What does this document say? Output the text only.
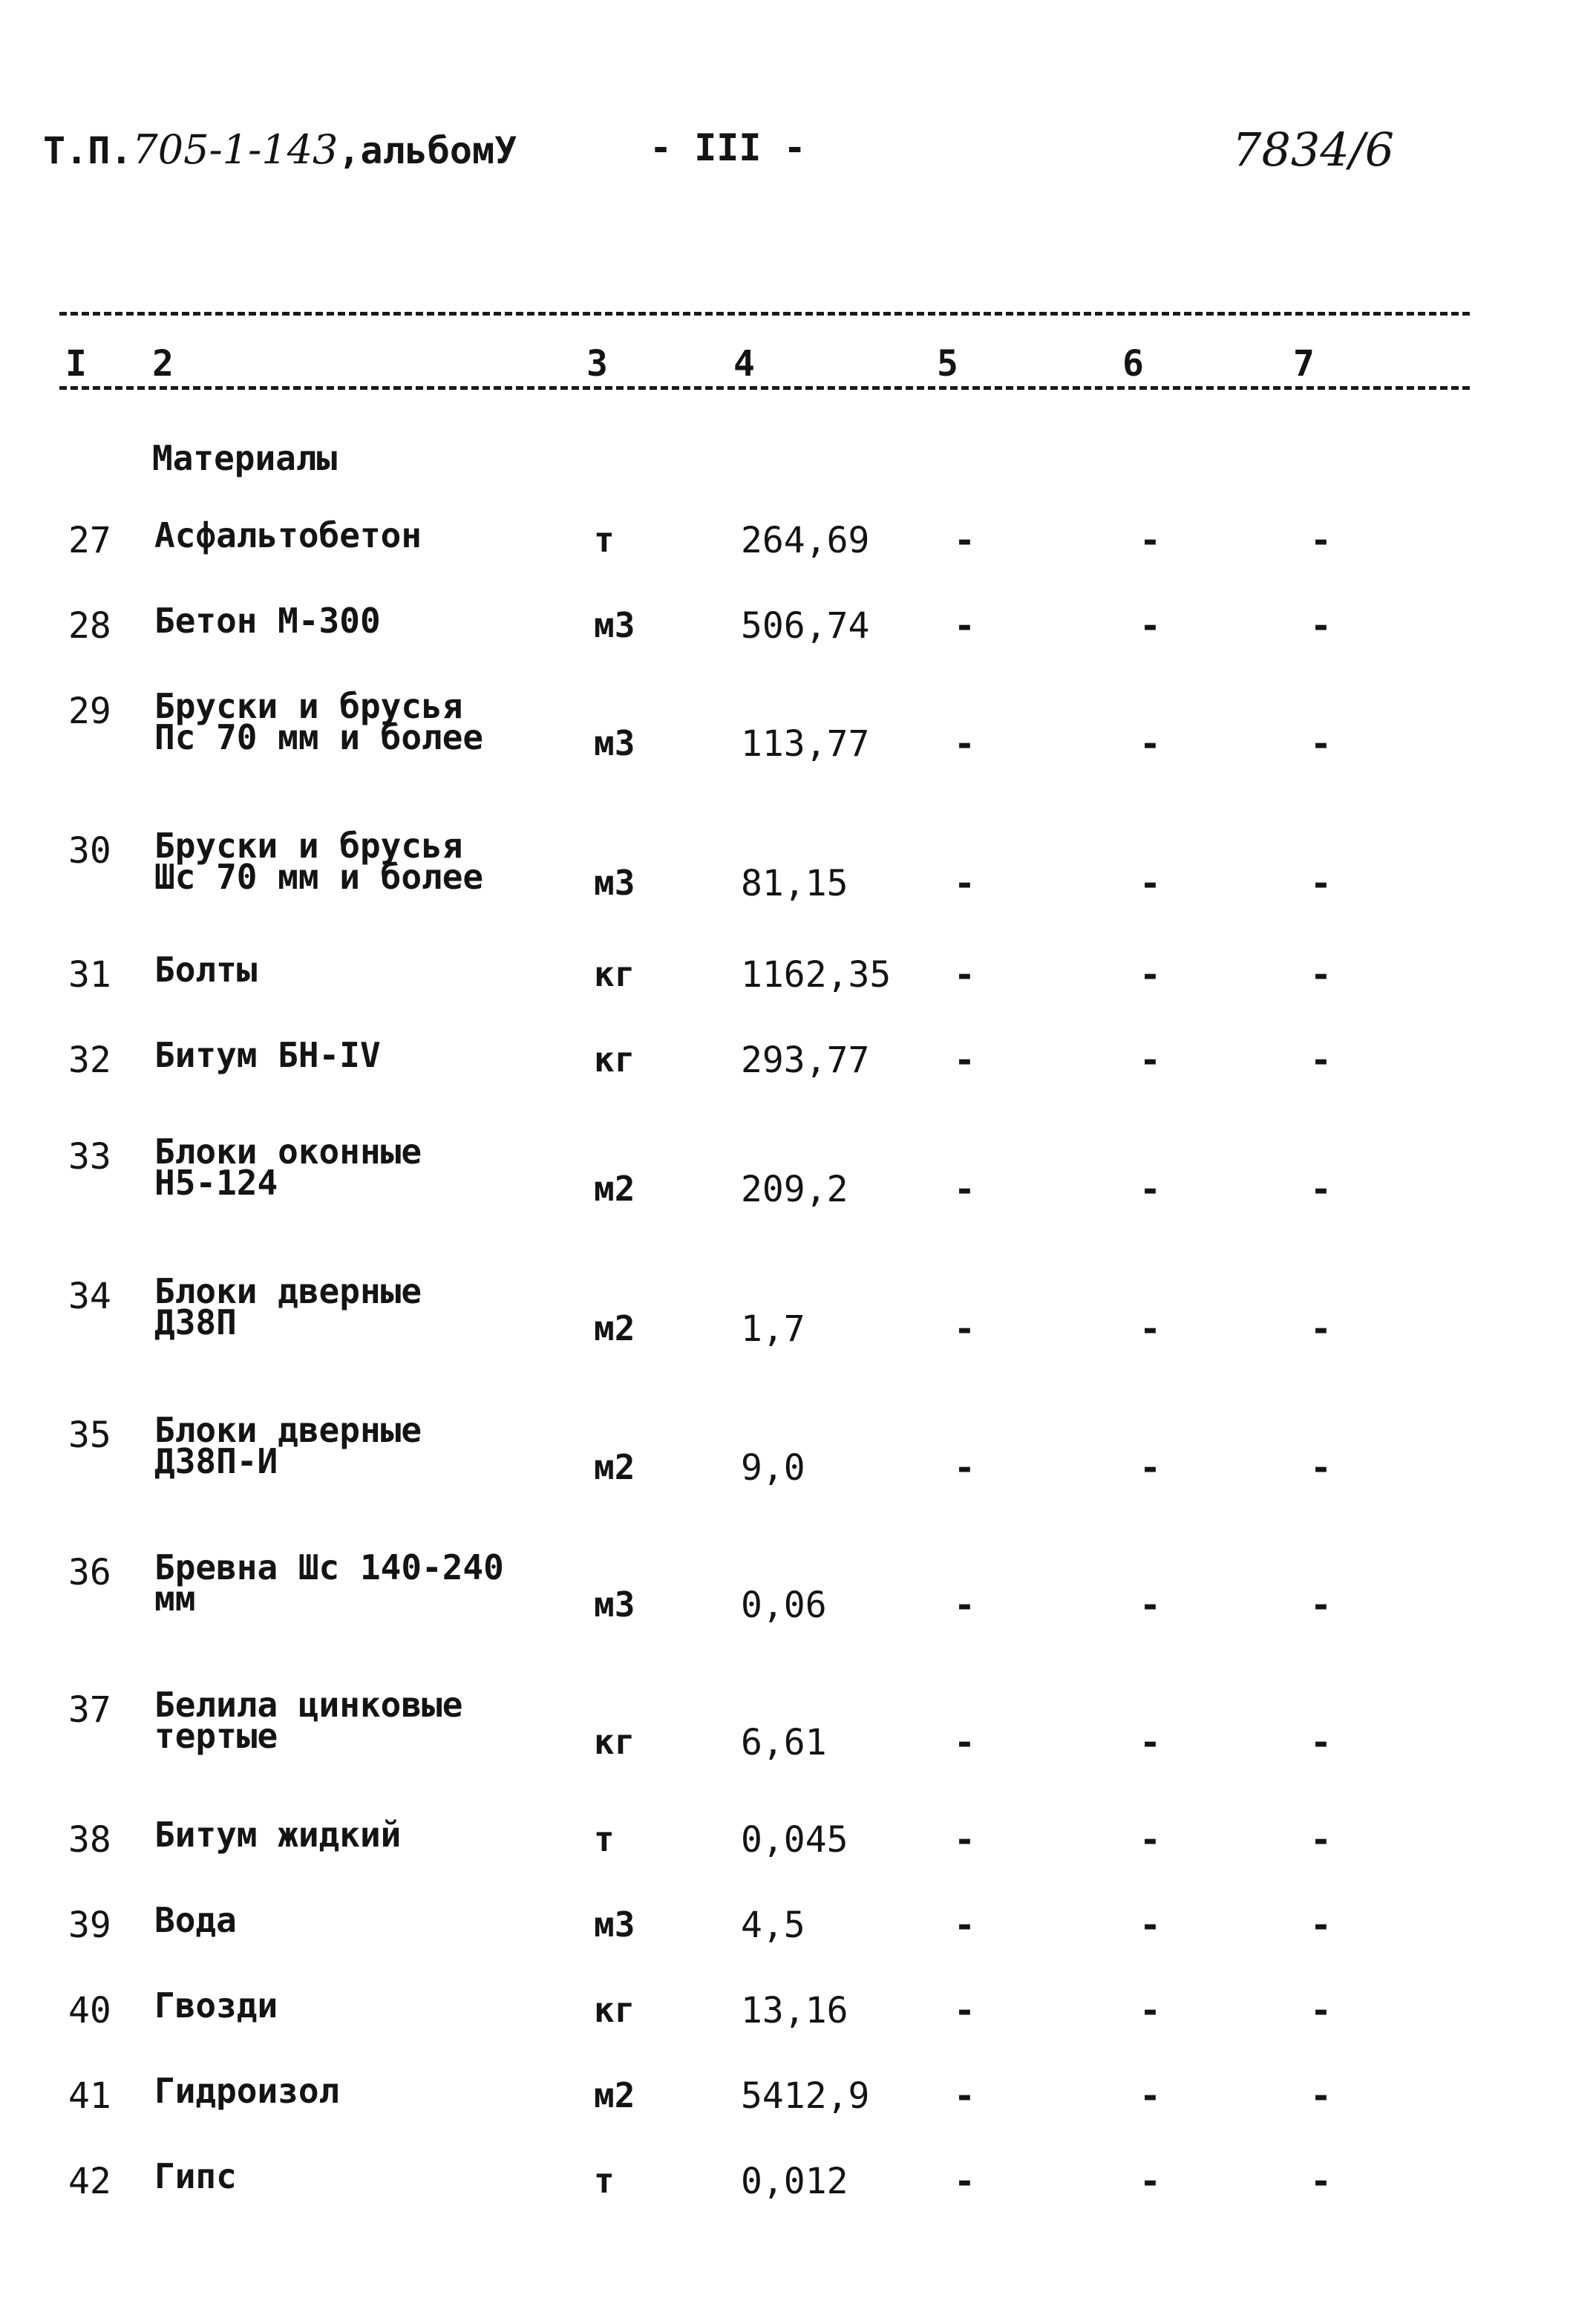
Т.П.705-1-143,альбомУ	- III -	7834/6
I 2	3	4	5	6	7
Материалы
27 Асфальтобетон	т	264,69 -	-	-
28 Бетон М-300	м3	506,74 -	-	-
29 Бруски и брусья
Пс 70 мм и более	м3	113,77 -	-	-
30 Бруски и брусья
Шс 70 мм и более	м3	81,15	-	-	-
31 Болты	кг	1162,35 -	-	-
32 Битум БН-IV	кг	293,77 -	-	-
33 Блоки оконные
Н5-124	м2	209,2	-	-	-
34 Блоки дверные
Д38П	м2	1,7	-	-	-
35 Блоки дверные
Д38П-И	м2	9,0	-	-	-
36 Бревна Шс 140-240
мм	м3	0,06	-	-	-
37 Белила цинковые
тертые	кг	6,61	-	-	-
38 Битум жидкий	т	0,045	-	-	-
39 Вода	м3	4,5	-	-	-
40 Гвозди	кг	13,16	-	-	-
41 Гидроизол	м2	5412,9 -	-	-
42 Гипс	т	0,012	-	-	-
